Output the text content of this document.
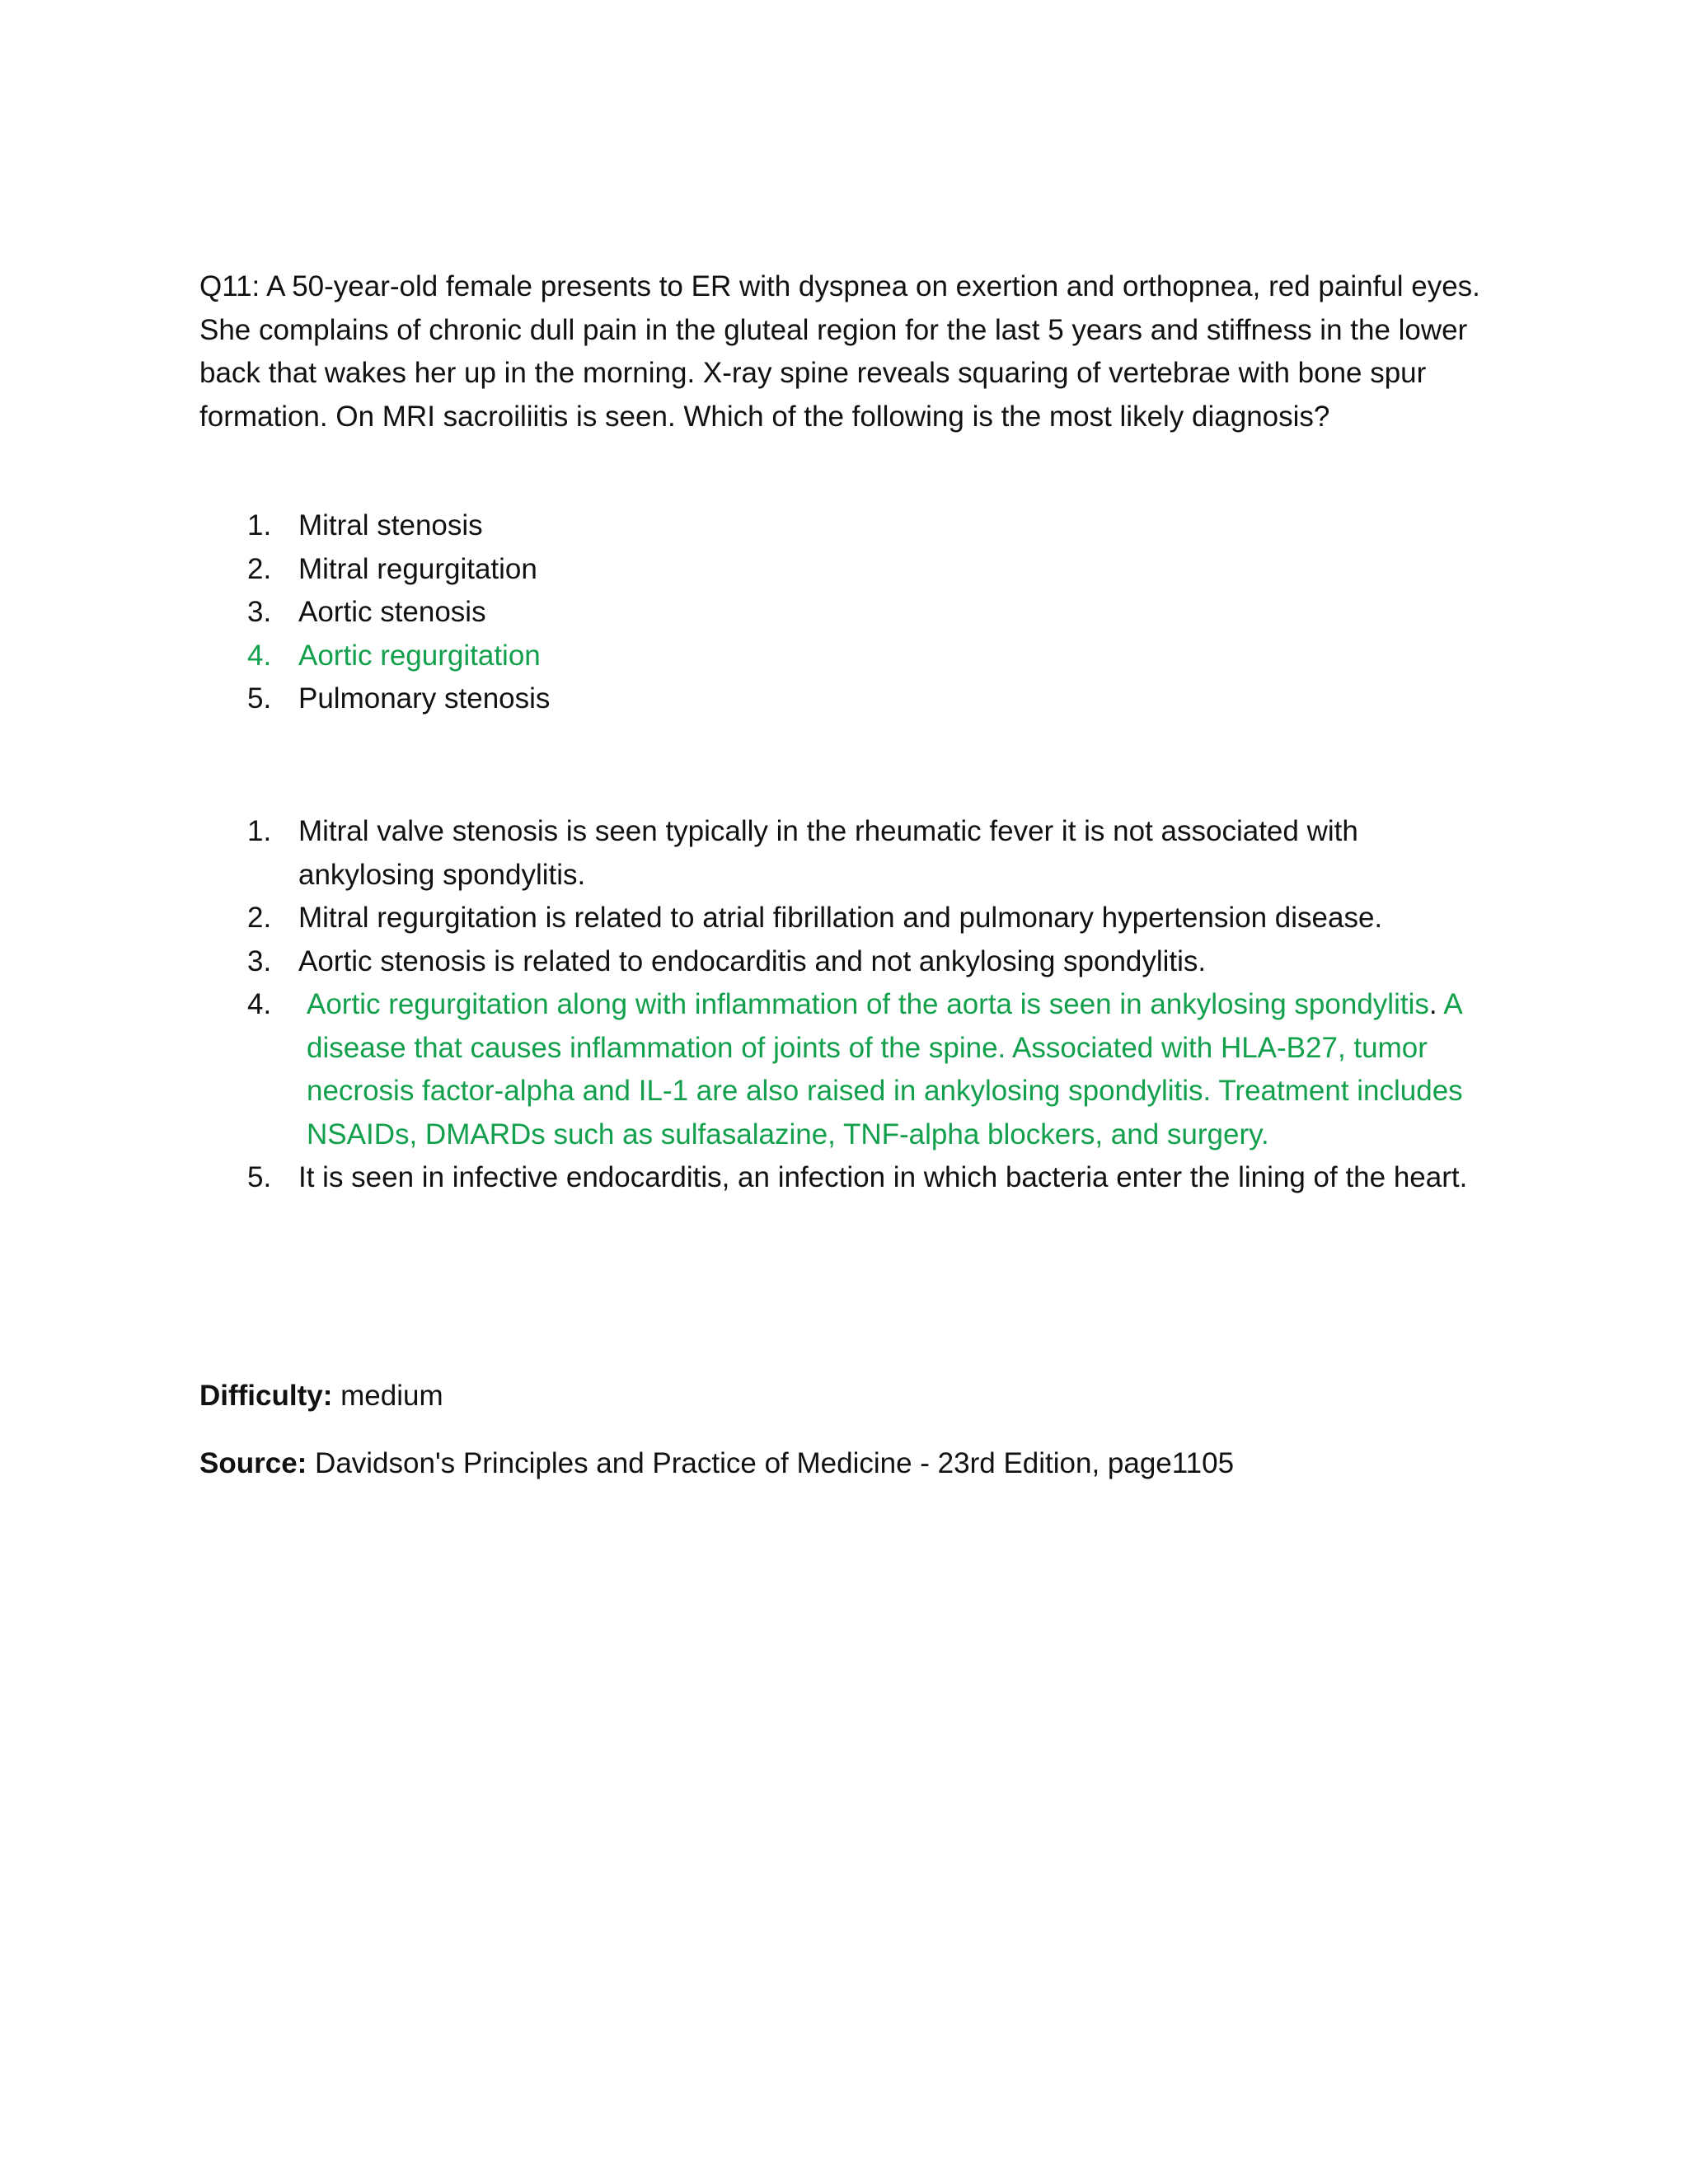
Q11: A 50-year-old female presents to ER with dyspnea on exertion and orthopnea, red painful eyes. She complains of chronic dull pain in the gluteal region for the last 5 years and stiffness in the lower back that wakes her up in the morning. X-ray spine reveals squaring of vertebrae with bone spur formation. On MRI sacroiliitis is seen. Which of the following is the most likely diagnosis?

1. Mitral stenosis
2. Mitral regurgitation
3. Aortic stenosis
4. Aortic regurgitation
5. Pulmonary stenosis
1. Mitral valve stenosis is seen typically in the rheumatic fever it is not associated with ankylosing spondylitis.
2. Mitral regurgitation is related to atrial fibrillation and pulmonary hypertension disease.
3. Aortic stenosis is related to endocarditis and not ankylosing spondylitis.
4. Aortic regurgitation along with inflammation of the aorta is seen in ankylosing spondylitis. A disease that causes inflammation of joints of the spine. Associated with HLA-B27, tumor necrosis factor-alpha and IL-1 are also raised in ankylosing spondylitis. Treatment includes NSAIDs, DMARDs such as sulfasalazine, TNF-alpha blockers, and surgery.
5. It is seen in infective endocarditis, an infection in which bacteria enter the lining of the heart.

Difficulty: medium

Source: Davidson's Principles and Practice of Medicine - 23rd Edition, page1105
